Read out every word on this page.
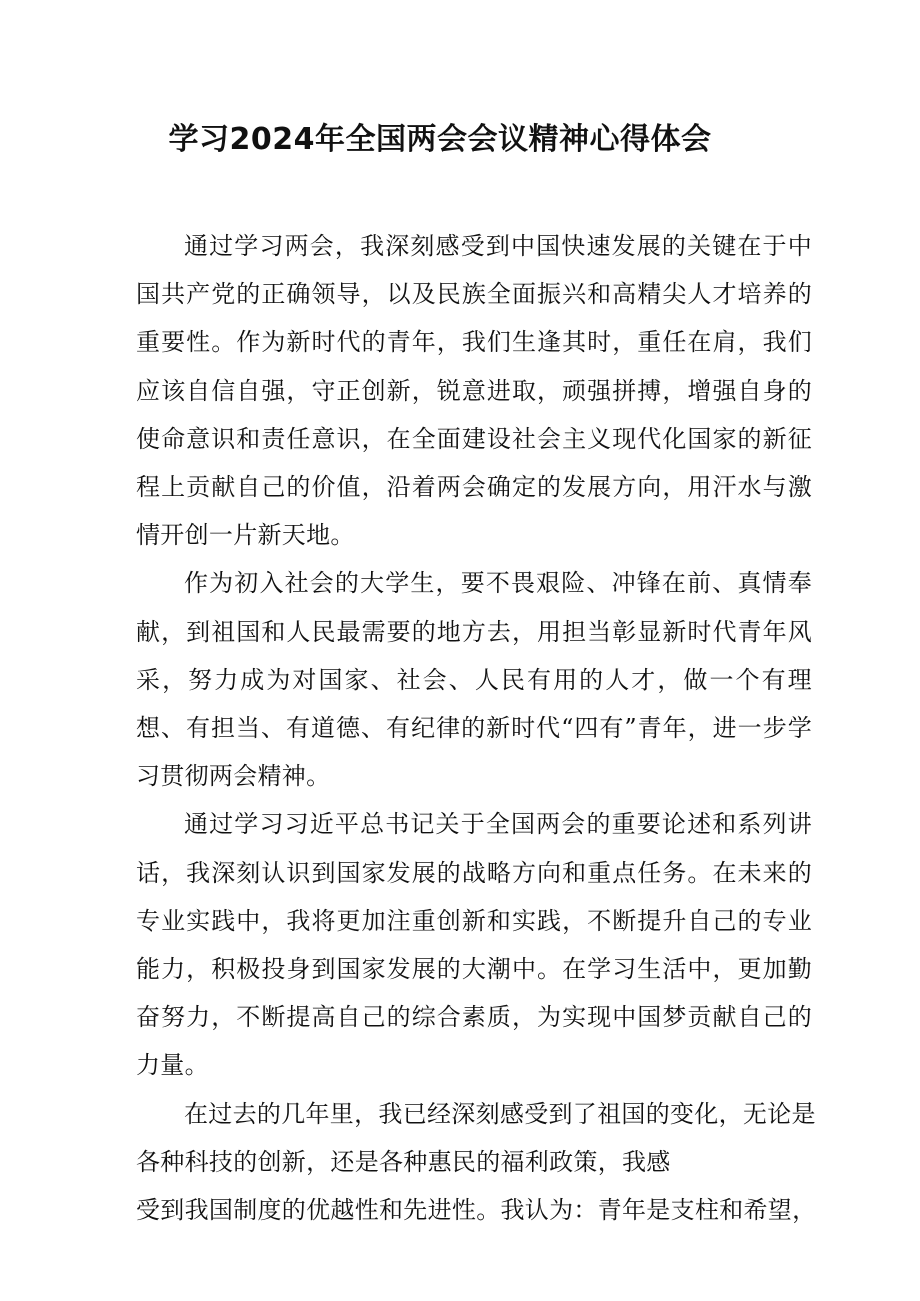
学习2024年全国两会会议精神心得体会

通过学习两会，我深刻感受到中国快速发展的关键在于中国共产党的正确领导，以及民族全面振兴和高精尖人才培养的重要性。作为新时代的青年，我们生逢其时，重任在肩，我们应该自信自强，守正创新，锐意进取，顽强拼搏，增强自身的使命意识和责任意识，在全面建设社会主义现代化国家的新征程上贡献自己的价值，沿着两会确定的发展方向，用汗水与激情开创一片新天地。

作为初入社会的大学生，要不畏艰险、冲锋在前、真情奉献，到祖国和人民最需要的地方去，用担当彰显新时代青年风采，努力成为对国家、社会、人民有用的人才，做一个有理想、有担当、有道德、有纪律的新时代“四有”青年，进一步学习贯彻两会精神。

通过学习习近平总书记关于全国两会的重要论述和系列讲话，我深刻认识到国家发展的战略方向和重点任务。在未来的专业实践中，我将更加注重创新和实践，不断提升自己的专业能力，积极投身到国家发展的大潮中。在学习生活中，更加勤奋努力，不断提高自己的综合素质，为实现中国梦贡献自己的力量。

在过去的几年里，我已经深刻感受到了祖国的变化，无论是
各种科技的创新，还是各种惠民的福利政策，我感
受到我国制度的优越性和先进性。我认为：青年是支柱和希望，
